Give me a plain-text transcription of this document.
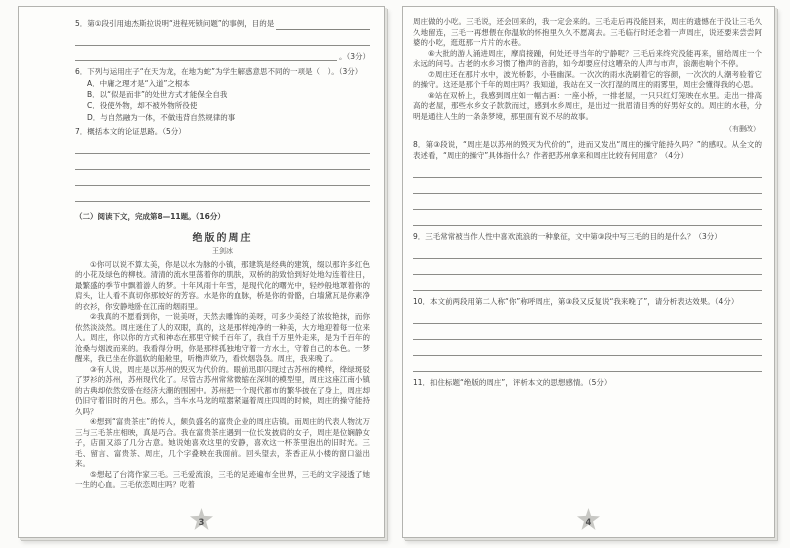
5．第①段引用迪杰斯拉说明“进程死锁问题”的事例，目的是
。（3分）
6．下列与运用庄子“在天为龙，在地为蛇”为学生解惑意思不同的一项是（　）。（3分）
A．中庸之理才是“入道”之根本
B．以“似是而非”的处世方式才能保全自我
C．役使外物，却不被外物所役使
D．与自然融为一体，不做违背自然规律的事
7．概括本文的论证思路。（5分）
（二）阅读下文，完成第8—11题。（16分）
绝版的周庄
王剑冰
①你可以说不算太美，你是以水为脉的小镇，那建筑是经典的建筑，缀以那许多红色的小花及绿色的柳枝。清清的流水里荡着你的肌肤，双桥的韵致恰到好处地勾连着往日，最繁盛的季节中飘着游人的梦。十年风雨十年雪，是现代化的曙光中，轻纱般地罩着你的肩头，让人看不真切你那姣好的芳容。水是你的血脉，桥是你的骨骼，白墙黛瓦是你素净的衣衫，你安静地卧在江南的烟雨里。
②我真的不愿看到你，一说美呀，天然去雕饰的美呀，可多少美经了浓妆艳抹，而你依然淡淡然。周庄迷住了人的双眼，真的，这是那样纯净的一种美，大方地迎着每一位来人。周庄，你以你的方式和神态在那里守候千百年了，我自千万里外走来，是为千百年的沧桑与烟波而来的。我看得分明，你是那样孤独地守着一方水土，守着自己的本色。一梦醒来，我已坐在你温软的船舱里，听橹声欸乃，看炊烟袅袅。周庄，我来晚了。
③有人说，周庄是以苏州的毁灭为代价的。眼前迅即闪现过古苏州的模样，绛绿斑驳了罗衫的苏州，苏州现代化了。尽管古苏州常常微缩在深圳的模型里，周庄这座江南小镇的古典却依然安卧在经济大潮的围困中。苏州把一个现代都市的繁华披在了身上，周庄却仍旧守着旧时的月色。那么，当车水马龙的喧嚣紧逼着周庄四周的时候，周庄的操守能持久吗？
④想到“富贵茶庄”的传人，颇负盛名的富贵企业的周庄店镇。而周庄的代表人物沈万三与三毛茶庄相映，真是巧合。我在富贵茶庄遇到一位长发披肩的女子，周庄是位娴静女子，店面又添了几分古意。她说她喜欢这里的安静，喜欢这一杯茶里泡出的旧时光。三毛、留言、富贵茶、周庄，几个字叠映在我面前。回头望去，茶香正从小楼的窗口溢出来。
⑤想起了台湾作家三毛。三毛爱流浪，三毛的足迹遍布全世界，三毛的文字浸透了她一生的心血。三毛依恋周庄吗？吃着
3
周庄做的小吃。三毛说，还会回来的，我一定会来的。三毛走后再没能回来，周庄的遗憾在于没让三毛久久地留连，三毛一再想偎在你温软的怀抱里久久不愿离去。三毛临行时还念着一声周庄，说还要来尝尝阿婆的小吃，逛逛那一片片的水巷。
⑥大批的游人涌进周庄，摩肩接踵，何处还寻当年的宁静呢？三毛后来终究没能再来，留给周庄一个永远的问号。古老的水乡习惯了橹声的音韵，如今却要应付这嘈杂的人声与市声，浪潮也响个不停。
⑦周庄还在那片水中，波光桥影，小巷幽深。一次次的雨水洗刷着它的容颜，一次次的人潮考验着它的操守。这还是那个千年的周庄吗？我知道，我站在又一次打湿的周庄的雨雾里，周庄会懂得我的心思。
⑧站在双桥上，我感到周庄如一幅古画：一座小桥，一排老屋，一只只红灯笼映在水里。走出一排高高的老屋，那些水乡女子款款而过，感到水乡周庄，是出过一批眉清目秀的好男好女的。周庄的水巷，分明是通往人生的一条条梦境，那里面有说不尽的故事。
（有删改）
8．第③段说，“周庄是以苏州的毁灭为代价的”，进而又发出“周庄的操守能持久吗？”的感叹。从全文的表述看，“周庄的操守”具体指什么？作者把苏州拿来和周庄比较有何用意？（4分）
9．三毛常常被当作人性中喜欢流浪的一种象征，文中第③段中写三毛的目的是什么？（3分）
10．本文前两段用第二人称“你”称呼周庄，第③段又反复说“我来晚了”，请分析表达效果。（4分）
11．扣住标题“绝版的周庄”，评析本文的思想感情。（5分）
4
